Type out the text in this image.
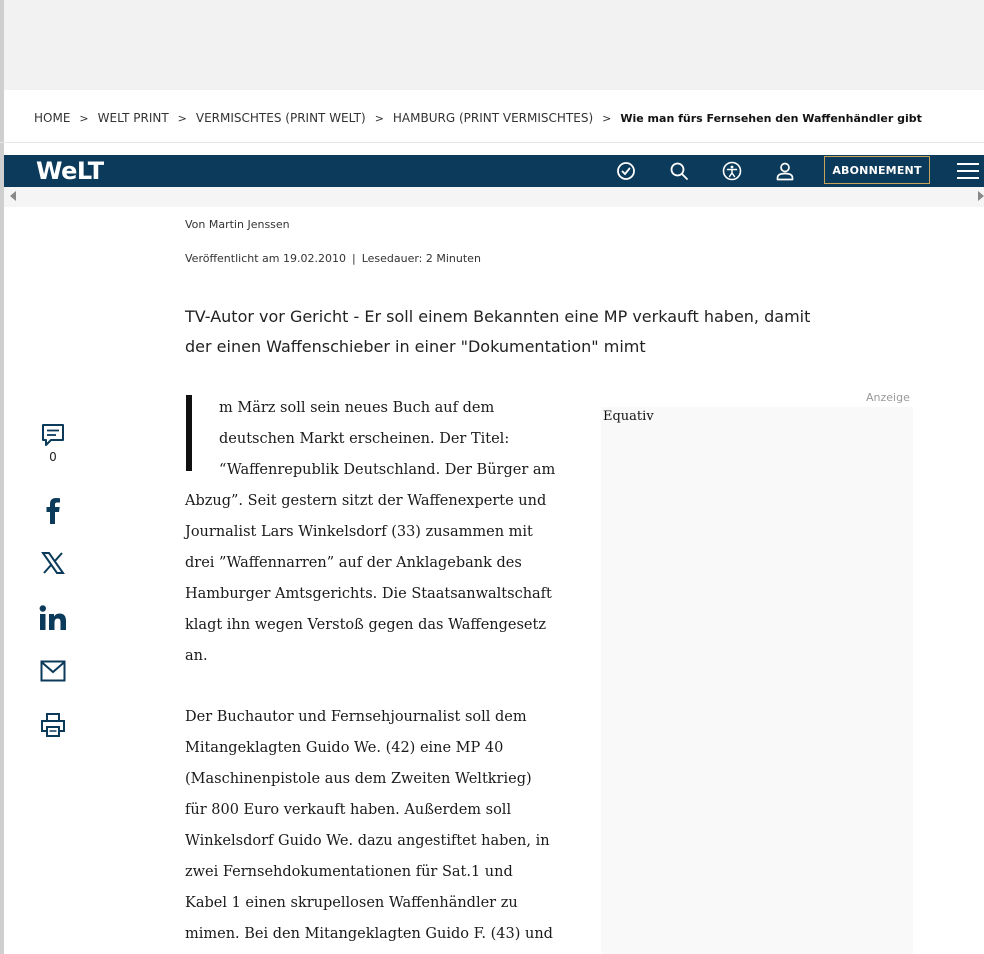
HOME > WELT PRINT > VERMISCHTES (PRINT WELT) > HAMBURG (PRINT VERMISCHTES) > Wie man fürs Fernsehen den Waffenhändler gibt
WeLT	ABONNEMENT
Von Martin Jenssen
Veröffentlicht am 19.02.2010 | Lesedauer: 2 Minuten
TV-Autor vor Gericht - Er soll einem Bekannten eine MP verkauft haben, damit
der einen Waffenschieber in einer "Dokumentation" mimt
0

m März soll sein neues Buch auf dem
deutschen Markt erscheinen. Der Titel:
“Waffenrepublik Deutschland. Der Bürger am
Abzug”. Seit gestern sitzt der Waffenexperte und
Journalist Lars Winkelsdorf (33) zusammen mit
drei ”Waffennarren” auf der Anklagebank des
Hamburger Amtsgerichts. Die Staatsanwaltschaft
klagt ihn wegen Verstoß gegen das Waffengesetz
an.

Der Buchautor und Fernsehjournalist soll dem
Mitangeklagten Guido We. (42) eine MP 40
(Maschinenpistole aus dem Zweiten Weltkrieg)
für 800 Euro verkauft haben. Außerdem soll
Winkelsdorf Guido We. dazu angestiftet haben, in
zwei Fernsehdokumentationen für Sat.1 und
Kabel 1 einen skrupellosen Waffenhändler zu
mimen. Bei den Mitangeklagten Guido F. (43) und

Anzeige
Equativ
